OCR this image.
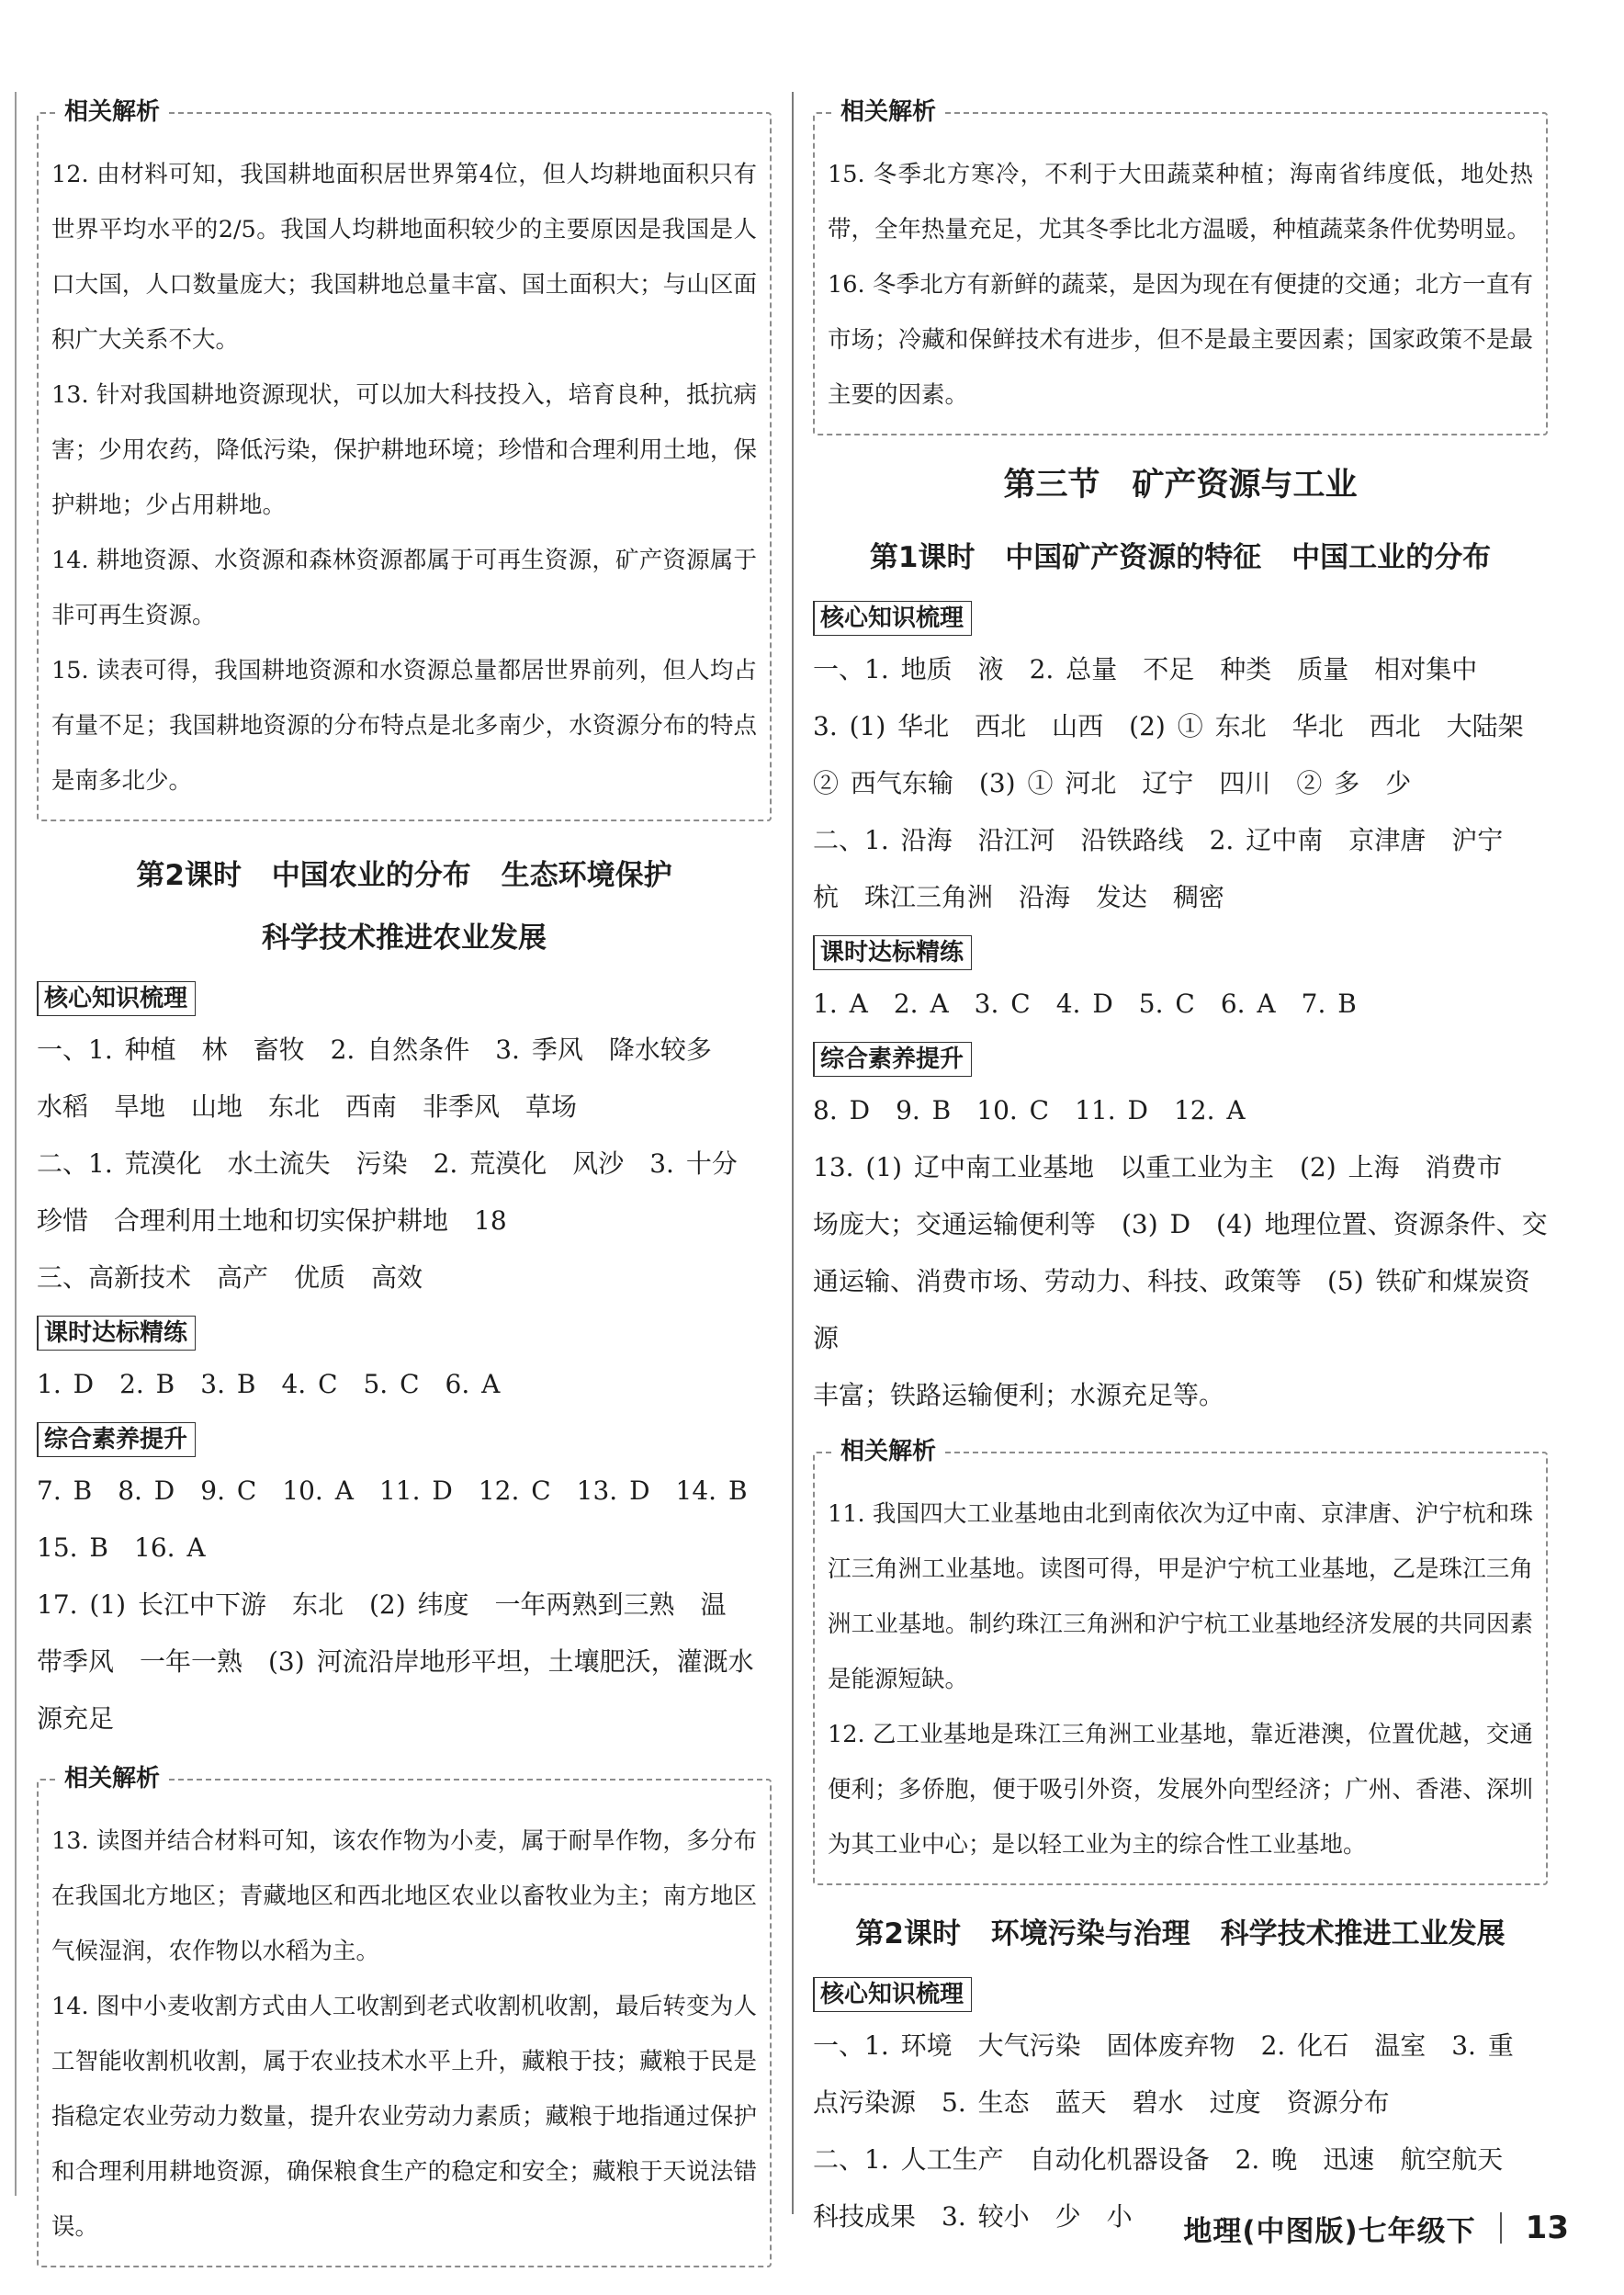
相关解析

12. 由材料可知，我国耕地面积居世界第4位，但人均耕地面积只有世界平均水平的2/5。我国人均耕地面积较少的主要原因是我国是人口大国，人口数量庞大；我国耕地总量丰富、国土面积大；与山区面积广大关系不大。

13. 针对我国耕地资源现状，可以加大科技投入，培育良种，抵抗病害；少用农药，降低污染，保护耕地环境；珍惜和合理利用土地，保护耕地；少占用耕地。

14. 耕地资源、水资源和森林资源都属于可再生资源，矿产资源属于非可再生资源。

15. 读表可得，我国耕地资源和水资源总量都居世界前列，但人均占有量不足；我国耕地资源的分布特点是北多南少，水资源分布的特点是南多北少。

第2课时 中国农业的分布 生态环境保护
科学技术推进农业发展
核心知识梳理

一、1. 种植　林　畜牧　2. 自然条件　3. 季风　降水较多

水稻　旱地　山地　东北　西南　非季风　草场

二、1. 荒漠化　水土流失　污染　2. 荒漠化　风沙　3. 十分

珍惜　合理利用土地和切实保护耕地　18

三、高新技术　高产　优质　高效

课时达标精练

1. D　2. B　3. B　4. C　5. C　6. A

综合素养提升

7. B　8. D　9. C　10. A　11. D　12. C　13. D　14. B

15. B　16. A

17. (1) 长江中下游　东北　(2) 纬度　一年两熟到三熟　温

带季风　一年一熟　(3) 河流沿岸地形平坦，土壤肥沃，灌溉水

源充足

相关解析

13. 读图并结合材料可知，该农作物为小麦，属于耐旱作物，多分布在我国北方地区；青藏地区和西北地区农业以畜牧业为主；南方地区气候湿润，农作物以水稻为主。

14. 图中小麦收割方式由人工收割到老式收割机收割，最后转变为人工智能收割机收割，属于农业技术水平上升，藏粮于技；藏粮于民是指稳定农业劳动力数量，提升农业劳动力素质；藏粮于地指通过保护和合理利用耕地资源，确保粮食生产的稳定和安全；藏粮于天说法错误。

相关解析

15. 冬季北方寒冷，不利于大田蔬菜种植；海南省纬度低，地处热带，全年热量充足，尤其冬季比北方温暖，种植蔬菜条件优势明显。

16. 冬季北方有新鲜的蔬菜，是因为现在有便捷的交通；北方一直有市场；冷藏和保鲜技术有进步，但不是最主要因素；国家政策不是最主要的因素。

第三节　矿产资源与工业
第1课时 中国矿产资源的特征 中国工业的分布
核心知识梳理

一、1. 地质　液　2. 总量　不足　种类　质量　相对集中

3. (1) 华北　西北　山西　(2) ① 东北　华北　西北　大陆架

② 西气东输　(3) ① 河北　辽宁　四川　② 多　少

二、1. 沿海　沿江河　沿铁路线　2. 辽中南　京津唐　沪宁

杭　珠江三角洲　沿海　发达　稠密

课时达标精练

1. A　2. A　3. C　4. D　5. C　6. A　7. B

综合素养提升

8. D　9. B　10. C　11. D　12. A

13. (1) 辽中南工业基地　以重工业为主　(2) 上海　消费市

场庞大；交通运输便利等　(3) D　(4) 地理位置、资源条件、交

通运输、消费市场、劳动力、科技、政策等　(5) 铁矿和煤炭资源

丰富；铁路运输便利；水源充足等。

相关解析

11. 我国四大工业基地由北到南依次为辽中南、京津唐、沪宁杭和珠江三角洲工业基地。读图可得，甲是沪宁杭工业基地，乙是珠江三角洲工业基地。制约珠江三角洲和沪宁杭工业基地经济发展的共同因素是能源短缺。

12. 乙工业基地是珠江三角洲工业基地，靠近港澳，位置优越，交通便利；多侨胞，便于吸引外资，发展外向型经济；广州、香港、深圳为其工业中心；是以轻工业为主的综合性工业基地。

第2课时 环境污染与治理 科学技术推进工业发展
核心知识梳理

一、1. 环境　大气污染　固体废弃物　2. 化石　温室　3. 重

点污染源　5. 生态　蓝天　碧水　过度　资源分布

二、1. 人工生产　自动化机器设备　2. 晚　迅速　航空航天

科技成果　3. 较小　少　小	地理(中图版)七年级下 13
